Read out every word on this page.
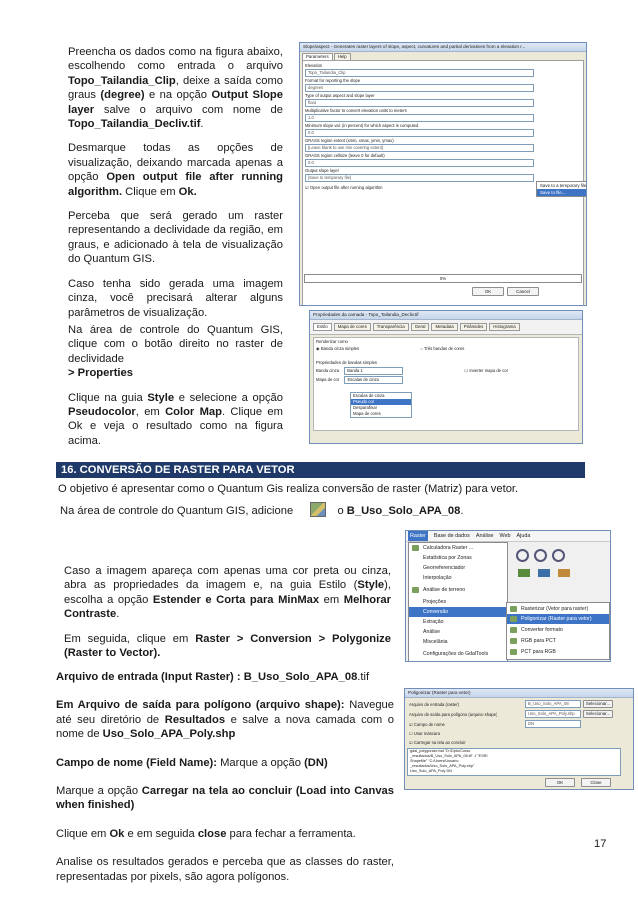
Preencha os dados como na figura abaixo, escolhendo como entrada o arquivo Topo_Tailandia_Clip, deixe a saída como graus (degree) e na opção Output Slope layer salve o arquivo com nome de Topo_Tailandia_Decliv.tif.

Desmarque todas as opções de visualização, deixando marcada apenas a opção Open output file after running algorithm. Clique em Ok.

Perceba que será gerado um raster representando a declividade da região, em graus, e adicionado à tela de visualização do Quantum GIS.

Caso tenha sido gerada uma imagem cinza, você precisará alterar alguns parâmetros de visualização.

Slope/aspect - Generates raster layers of slope, aspect, curvatures and partial derivatives from a elevation r...
Parameters	Help
Elevation
Topo_Tailandia_Clip
Format for reporting the slope
degrees
Type of output aspect and slope layer
float
Multiplicative factor to convert elevation units to meters
1.0
Minimum slope val. (in percent) for which aspect is computed
0.0
GRASS region extent (xmin, xmax, ymin, ymax)
[Leave blank to use min covering extent]
GRASS region cellsize (leave 0 for default)
0.0
Output slope layer
[Save to temporary file]
☑ Open output file after running algorithm	Save to a temporary file
Save to file...
0%
OK	Cancel

Na área de controle do Quantum GIS, clique com o botão direito no raster de declividade
> Properties

Clique na guia Style e selecione a opção Pseudocolor, em Color Map. Clique em Ok e veja o resultado como na figura acima.

Propriedades da camada - Topo_Tailandia_Decliv.tif
Estilo	Mapa de cores	Transparência	Geral	Metadata	Pirâmides	Histograma
Renderizar como
◉ Banda cinza simples	○ Três bandas de cores
Propriedades de bandas simples
Banda cinza Banda 1	☐ Inverter mapa de cor
Mapa de cor Escalas de cinza
Escalas de cinza
Pseudo cor
Desparafinar
Mapa de cores
16. CONVERSÃO DE RASTER PARA VETOR
O objetivo é apresentar como o Quantum Gis realiza conversão de raster (Matriz) para vetor.
Na área de controle do Quantum GIS, adicione	o B_Uso_Solo_APA_08.

Caso a imagem apareça com apenas uma cor preta ou cinza, abra as propriedades da imagem e, na guia Estilo (Style), escolha a opção Estender e Corta para MinMax em Melhorar Contraste.

Em seguida, clique em Raster > Conversion > Polygonize (Raster to Vector).

Raster	Base de dados Análise Web Ajuda
Calculadora Raster ...
Estatística por Zonas
Georreferenciador
Interpolação
Análise de terreno
Projeções
Conversão
Extração
Análise
Miscelânia
Configurações do GdalTools
Rasterizar (Vetor para raster)
Poligonizar (Raster para vetor)
Converter formato
RGB para PCT
PCT para RGB

Arquivo de entrada (Input Raster) : B_Uso_Solo_APA_08.tif

Em Arquivo de saída para polígono (arquivo shape): Navegue até seu diretório de Resultados e salve a nova camada com o nome de Uso_Solo_APA_Poly.shp

Campo de nome (Field Name): Marque a opção (DN)

Marque a opção Carregar na tela ao concluir (Load into Canvas when finished)

Clique em Ok e em seguida close para fechar a ferramenta.

Analise os resultados gerados e perceba que as classes do raster, representadas por pixels, são agora polígonos.

Poligonizar (Raster para vetor)
Arquivo de entrada (raster)	B_Uso_Solo_APA_08	Selecionar...
Arquivo de saída para polígono (arquivo shape)	Uso_Solo_APA_Poly.shp	Selecionar...
☑ Campo de nome	DN
☐ Usar máscara
☑ Carregar na tela ao concluir
gdal_polygonize.bat "D:/Dpto/Curso
_resultados/B_Uso_Solo_APA_08.tif" -f "ESRI
Shapefile" "C:/Users/Usuario
_resultados/Uso_Solo_APA_Poly.shp"
Uso_Solo_APA_Poly DN
OK	Close
17
